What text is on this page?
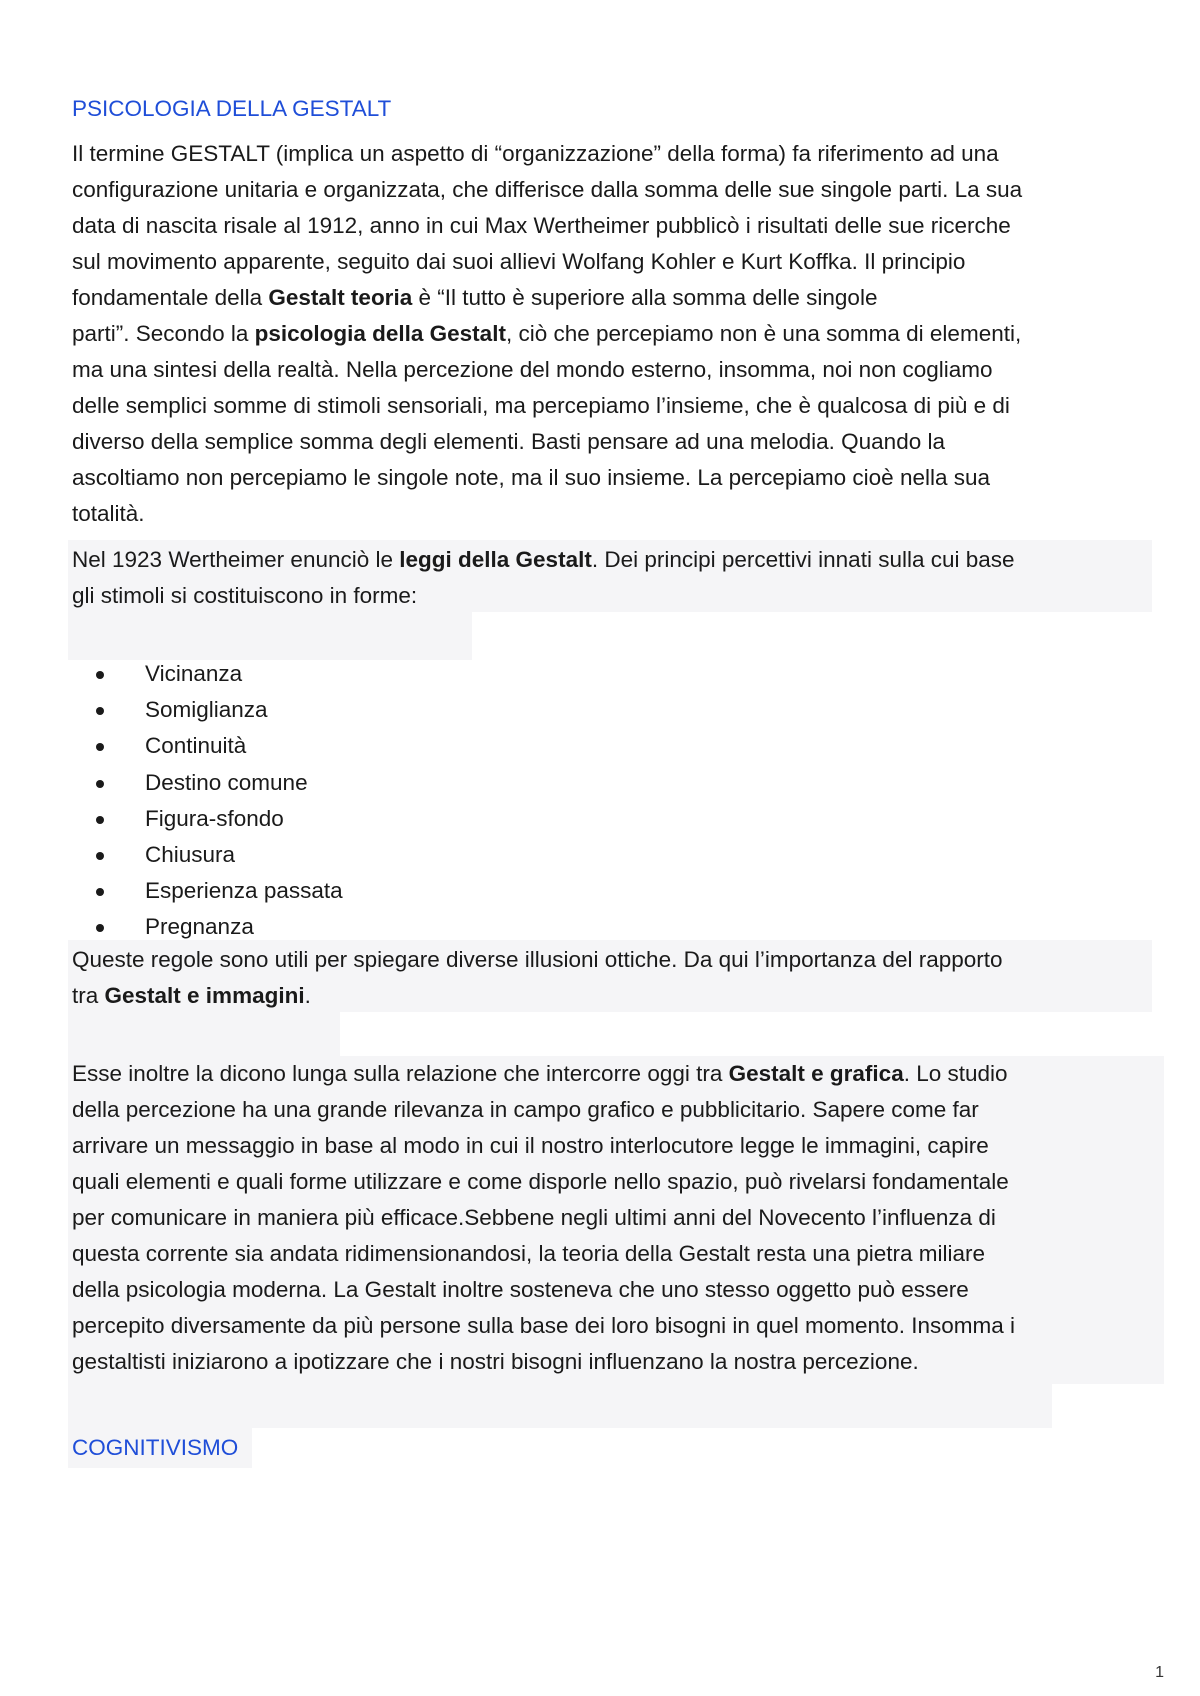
PSICOLOGIA DELLA GESTALT
Il termine GESTALT (implica un aspetto di “organizzazione” della forma) fa riferimento ad una
configurazione unitaria e organizzata, che differisce dalla somma delle sue singole parti. La sua
data di nascita risale al 1912, anno in cui Max Wertheimer pubblicò i risultati delle sue ricerche
sul movimento apparente, seguito dai suoi allievi Wolfang Kohler e Kurt Koffka. Il principio
fondamentale della Gestalt teoria è “Il tutto è superiore alla somma delle singole
parti”. Secondo la psicologia della Gestalt, ciò che percepiamo non è una somma di elementi,
ma una sintesi della realtà. Nella percezione del mondo esterno, insomma, noi non cogliamo
delle semplici somme di stimoli sensoriali, ma percepiamo l’insieme, che è qualcosa di più e di
diverso della semplice somma degli elementi. Basti pensare ad una melodia. Quando la
ascoltiamo non percepiamo le singole note, ma il suo insieme. La percepiamo cioè nella sua
totalità.
Nel 1923 Wertheimer enunciò le leggi della Gestalt. Dei principi percettivi innati sulla cui base
gli stimoli si costituiscono in forme:
Vicinanza
Somiglianza
Continuità
Destino comune
Figura-sfondo
Chiusura
Esperienza passata
Pregnanza
Queste regole sono utili per spiegare diverse illusioni ottiche. Da qui l’importanza del rapporto
tra Gestalt e immagini.
Esse inoltre la dicono lunga sulla relazione che intercorre oggi tra Gestalt e grafica. Lo studio
della percezione ha una grande rilevanza in campo grafico e pubblicitario. Sapere come far
arrivare un messaggio in base al modo in cui il nostro interlocutore legge le immagini, capire
quali elementi e quali forme utilizzare e come disporle nello spazio, può rivelarsi fondamentale
per comunicare in maniera più efficace.Sebbene negli ultimi anni del Novecento l’influenza di
questa corrente sia andata ridimensionandosi, la teoria della Gestalt resta una pietra miliare
della psicologia moderna. La Gestalt inoltre sosteneva che uno stesso oggetto può essere
percepito diversamente da più persone sulla base dei loro bisogni in quel momento. Insomma i
gestaltisti iniziarono a ipotizzare che i nostri bisogni influenzano la nostra percezione.
COGNITIVISMO
1
